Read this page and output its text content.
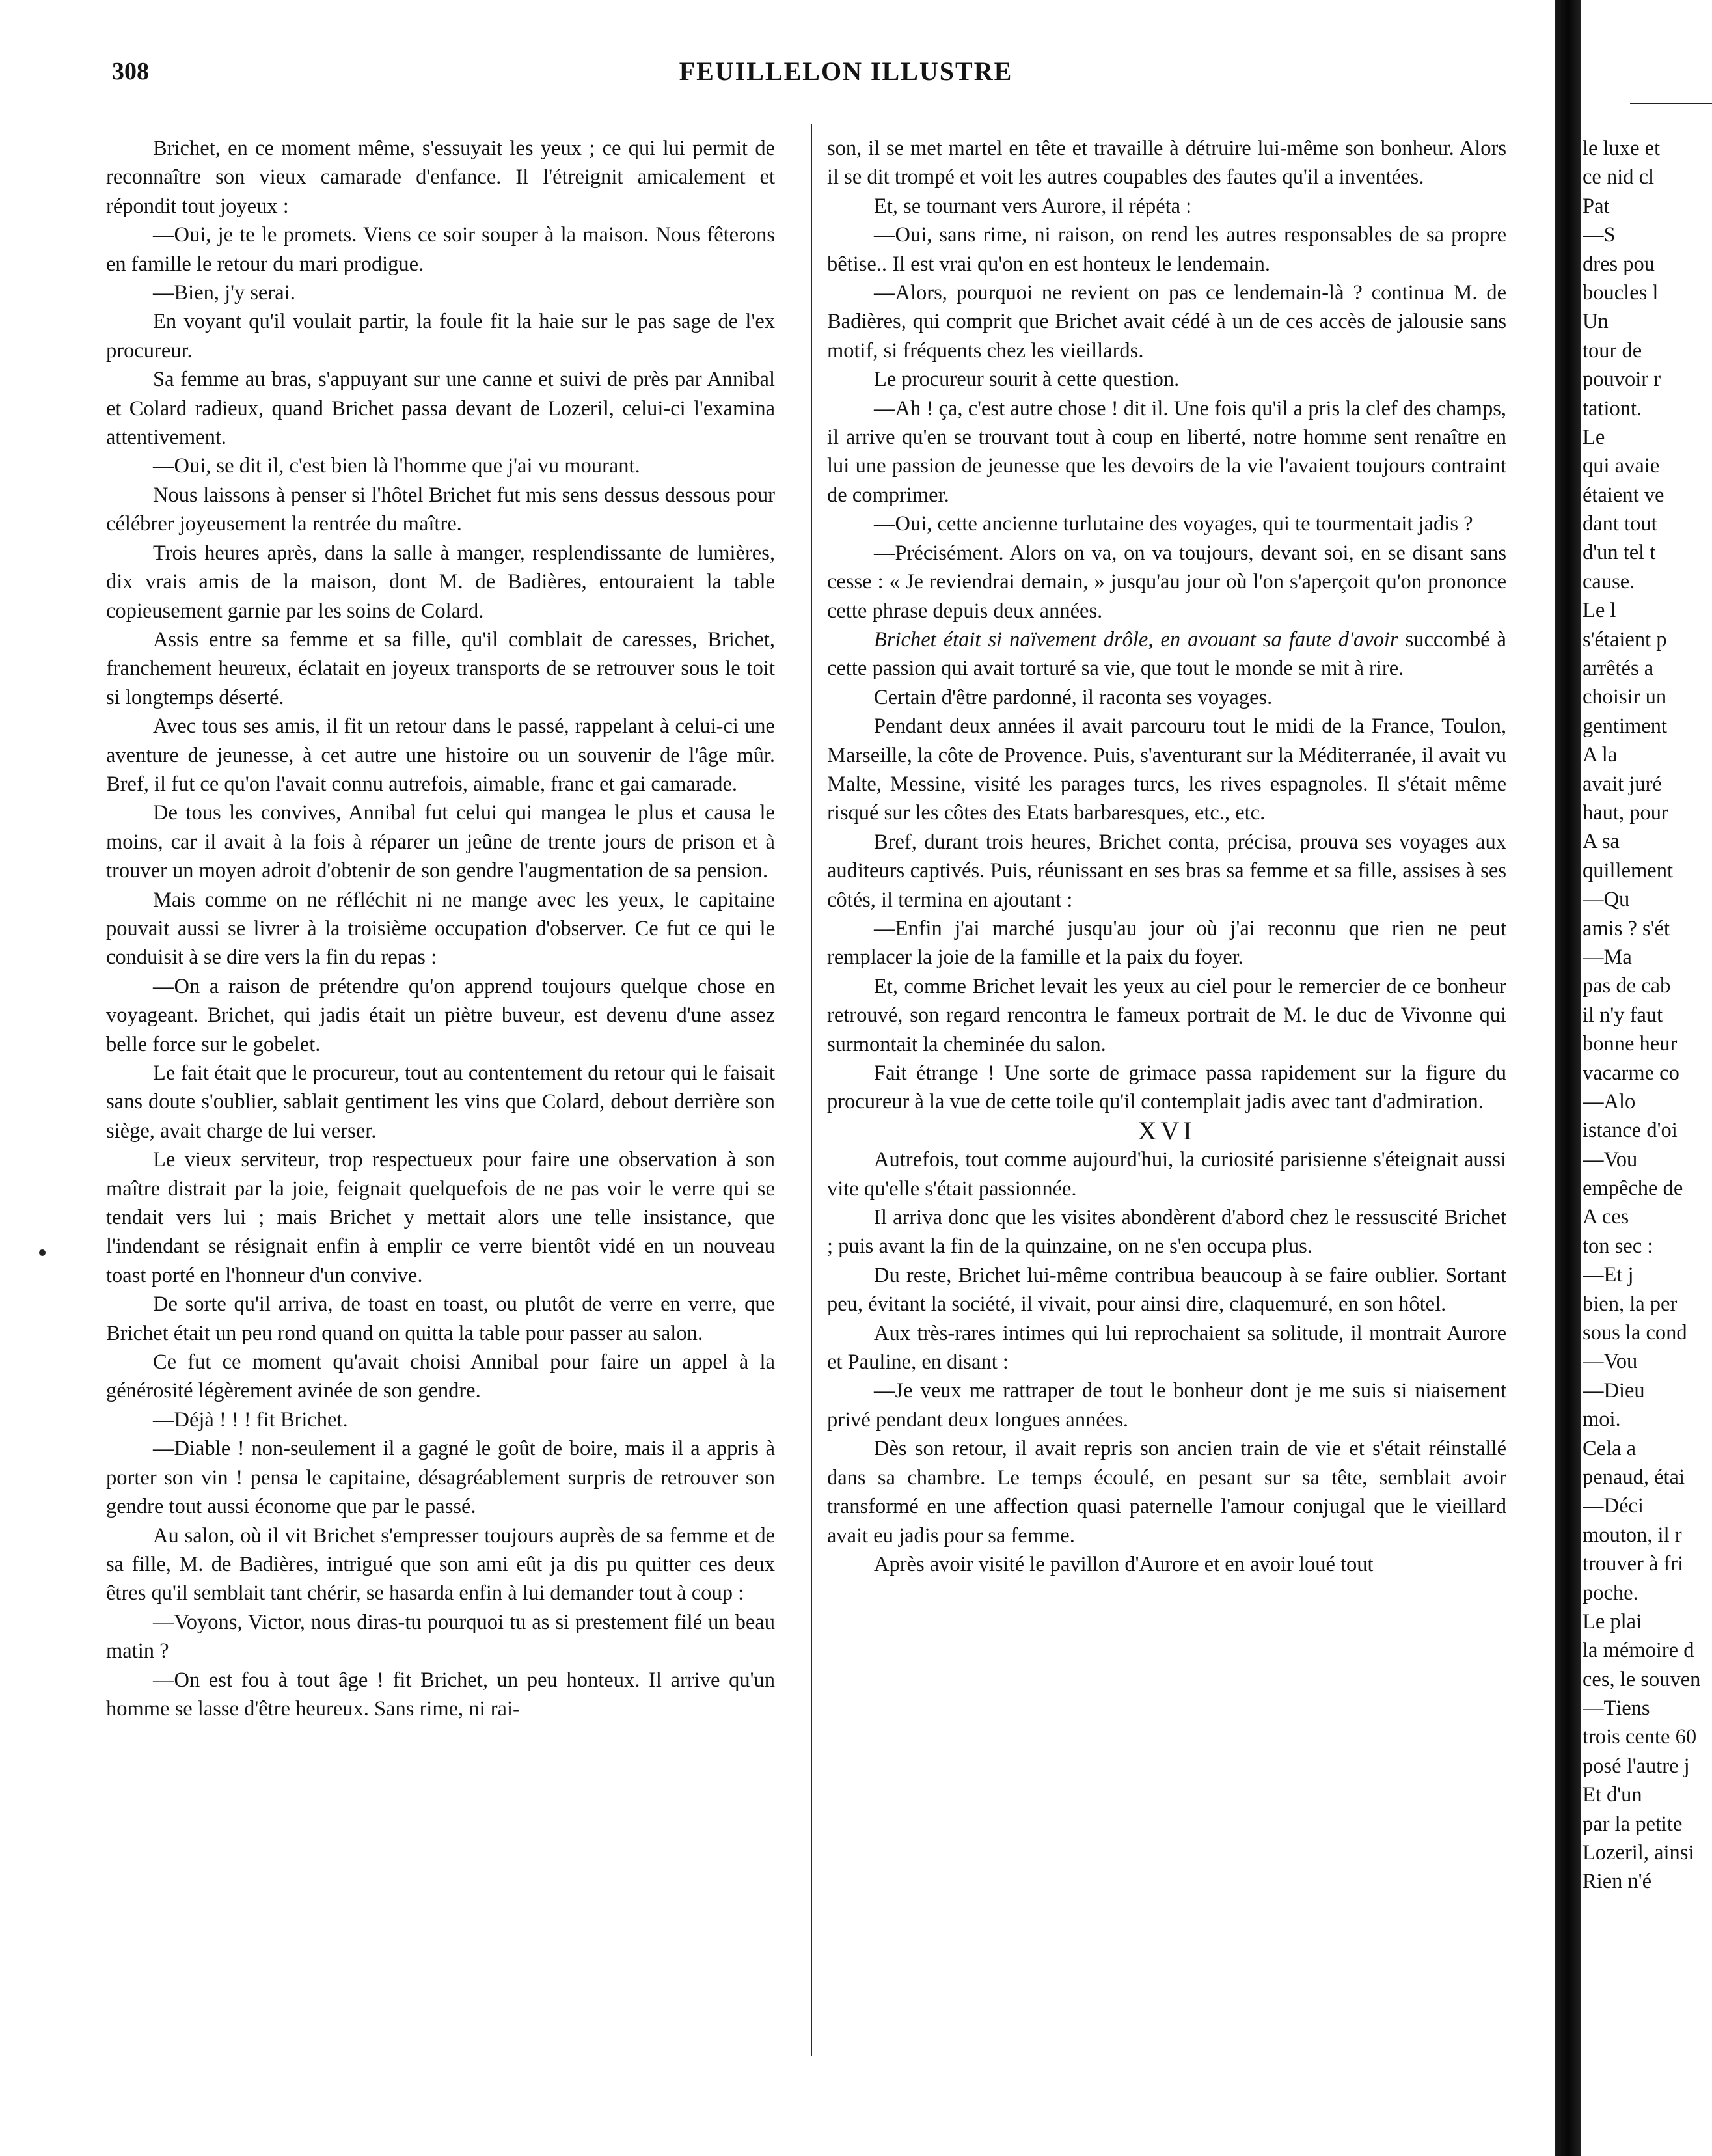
308	FEUILLELON ILLUSTRE

Brichet, en ce moment même, s'essuyait les yeux ; ce qui lui permit de reconnaître son vieux camarade d'enfance. Il l'étreignit amicalement et répondit tout joyeux :

—Oui, je te le promets. Viens ce soir souper à la maison. Nous fêterons en famille le retour du mari prodigue.

—Bien, j'y serai.

En voyant qu'il voulait partir, la foule fit la haie sur le pas sage de l'ex procureur.

Sa femme au bras, s'appuyant sur une canne et suivi de près par Annibal et Colard radieux, quand Brichet passa devant de Lozeril, celui-ci l'examina attentivement.

—Oui, se dit il, c'est bien là l'homme que j'ai vu mourant.

Nous laissons à penser si l'hôtel Brichet fut mis sens dessus dessous pour célébrer joyeusement la rentrée du maître.

Trois heures après, dans la salle à manger, resplendissante de lumières, dix vrais amis de la maison, dont M. de Badières, entouraient la table copieusement garnie par les soins de Colard.

Assis entre sa femme et sa fille, qu'il comblait de caresses, Brichet, franchement heureux, éclatait en joyeux transports de se retrouver sous le toit si longtemps déserté.

Avec tous ses amis, il fit un retour dans le passé, rappelant à celui-ci une aventure de jeunesse, à cet autre une histoire ou un souvenir de l'âge mûr. Bref, il fut ce qu'on l'avait connu autrefois, aimable, franc et gai camarade.

De tous les convives, Annibal fut celui qui mangea le plus et causa le moins, car il avait à la fois à réparer un jeûne de trente jours de prison et à trouver un moyen adroit d'obtenir de son gendre l'augmentation de sa pension.

Mais comme on ne réfléchit ni ne mange avec les yeux, le capitaine pouvait aussi se livrer à la troisième occupation d'observer. Ce fut ce qui le conduisit à se dire vers la fin du repas :

—On a raison de prétendre qu'on apprend toujours quelque chose en voyageant. Brichet, qui jadis était un piètre buveur, est devenu d'une assez belle force sur le gobelet.

Le fait était que le procureur, tout au contentement du retour qui le faisait sans doute s'oublier, sablait gentiment les vins que Colard, debout derrière son siège, avait charge de lui verser.

Le vieux serviteur, trop respectueux pour faire une observation à son maître distrait par la joie, feignait quelquefois de ne pas voir le verre qui se tendait vers lui ; mais Brichet y mettait alors une telle insistance, que l'indendant se résignait enfin à emplir ce verre bientôt vidé en un nouveau toast porté en l'honneur d'un convive.

De sorte qu'il arriva, de toast en toast, ou plutôt de verre en verre, que Brichet était un peu rond quand on quitta la table pour passer au salon.

Ce fut ce moment qu'avait choisi Annibal pour faire un appel à la générosité légèrement avinée de son gendre.

—Déjà ! ! ! fit Brichet.

—Diable ! non-seulement il a gagné le goût de boire, mais il a appris à porter son vin ! pensa le capitaine, désagréablement surpris de retrouver son gendre tout aussi économe que par le passé.

Au salon, où il vit Brichet s'empresser toujours auprès de sa femme et de sa fille, M. de Badières, intrigué que son ami eût ja dis pu quitter ces deux êtres qu'il semblait tant chérir, se hasarda enfin à lui demander tout à coup :

—Voyons, Victor, nous diras-tu pourquoi tu as si prestement filé un beau matin ?

—On est fou à tout âge ! fit Brichet, un peu honteux. Il arrive qu'un homme se lasse d'être heureux. Sans rime, ni rai-

son, il se met martel en tête et travaille à détruire lui-même son bonheur. Alors il se dit trompé et voit les autres coupables des fautes qu'il a inventées.

Et, se tournant vers Aurore, il répéta :

—Oui, sans rime, ni raison, on rend les autres responsables de sa propre bêtise.. Il est vrai qu'on en est honteux le lendemain.

—Alors, pourquoi ne revient on pas ce lendemain-là ? continua M. de Badières, qui comprit que Brichet avait cédé à un de ces accès de jalousie sans motif, si fréquents chez les vieillards.

Le procureur sourit à cette question.

—Ah ! ça, c'est autre chose ! dit il. Une fois qu'il a pris la clef des champs, il arrive qu'en se trouvant tout à coup en liberté, notre homme sent renaître en lui une passion de jeunesse que les devoirs de la vie l'avaient toujours contraint de comprimer.

—Oui, cette ancienne turlutaine des voyages, qui te tourmentait jadis ?

—Précisément. Alors on va, on va toujours, devant soi, en se disant sans cesse : « Je reviendrai demain, » jusqu'au jour où l'on s'aperçoit qu'on prononce cette phrase depuis deux années.

Brichet était si naïvement drôle, en avouant sa faute d'avoir succombé à cette passion qui avait torturé sa vie, que tout le monde se mit à rire.

Certain d'être pardonné, il raconta ses voyages.

Pendant deux années il avait parcouru tout le midi de la France, Toulon, Marseille, la côte de Provence. Puis, s'aventurant sur la Méditerranée, il avait vu Malte, Messine, visité les parages turcs, les rives espagnoles. Il s'était même risqué sur les côtes des Etats barbaresques, etc., etc.

Bref, durant trois heures, Brichet conta, précisa, prouva ses voyages aux auditeurs captivés. Puis, réunissant en ses bras sa femme et sa fille, assises à ses côtés, il termina en ajoutant :

—Enfin j'ai marché jusqu'au jour où j'ai reconnu que rien ne peut remplacer la joie de la famille et la paix du foyer.

Et, comme Brichet levait les yeux au ciel pour le remercier de ce bonheur retrouvé, son regard rencontra le fameux portrait de M. le duc de Vivonne qui surmontait la cheminée du salon.

Fait étrange ! Une sorte de grimace passa rapidement sur la figure du procureur à la vue de cette toile qu'il contemplait jadis avec tant d'admiration.

XVI

Autrefois, tout comme aujourd'hui, la curiosité parisienne s'éteignait aussi vite qu'elle s'était passionnée.

Il arriva donc que les visites abondèrent d'abord chez le ressuscité Brichet ; puis avant la fin de la quinzaine, on ne s'en occupa plus.

Du reste, Brichet lui-même contribua beaucoup à se faire oublier. Sortant peu, évitant la société, il vivait, pour ainsi dire, claquemuré, en son hôtel.

Aux très-rares intimes qui lui reprochaient sa solitude, il montrait Aurore et Pauline, en disant :

—Je veux me rattraper de tout le bonheur dont je me suis si niaisement privé pendant deux longues années.

Dès son retour, il avait repris son ancien train de vie et s'était réinstallé dans sa chambre. Le temps écoulé, en pesant sur sa tête, semblait avoir transformé en une affection quasi paternelle l'amour conjugal que le vieillard avait eu jadis pour sa femme.

Après avoir visité le pavillon d'Aurore et en avoir loué tout

le luxe et
ce nid cl
Pat
—S
dres pou
boucles l
Un
tour de
pouvoir r
tationt.
Le
qui avaie
étaient ve
dant tout
d'un tel t
cause.
Le l
s'étaient p
arrêtés a
choisir un
gentiment
A la
avait juré
haut, pour
A sa
quillement
—Qu
amis ? s'ét
—Ma
pas de cab
il n'y faut
bonne heur
vacarme co
—Alo
istance d'oi
—Vou
empêche de
A ces
ton sec :
—Et j
bien, la per
sous la cond
—Vou
—Dieu
moi.
Cela a
penaud, étai
—Déci
mouton, il r
trouver à fri
poche.
Le plai
la mémoire d
ces, le souven
—Tiens
trois cente 60
posé l'autre j
Et d'un
par la petite
Lozeril, ainsi
Rien n'é
